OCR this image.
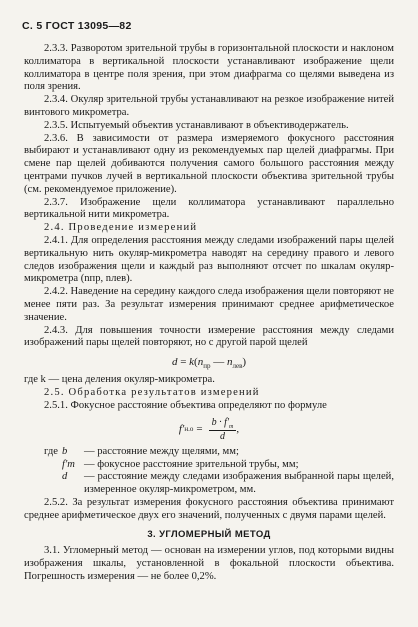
С. 5 ГОСТ 13095—82

2.3.3. Разворотом зрительной трубы в горизонтальной плоскости и наклоном коллиматора в вертикальной плоскости устанавливают изображение щели коллиматора в центре поля зрения, при этом диафрагма со щелями выведена из поля зрения.

2.3.4. Окуляр зрительной трубы устанавливают на резкое изображение нитей винтового микрометра.

2.3.5. Испытуемый объектив устанавливают в объективодержатель.

2.3.6. В зависимости от размера измеряемого фокусного расстояния выбирают и устанавливают одну из рекомендуемых пар щелей диафрагмы. При смене пар щелей добиваются получения самого большого расстояния между центрами пучков лучей в вертикальной плоскости объектива зрительной трубы (см. рекомендуемое приложение).

2.3.7. Изображение щели коллиматора устанавливают параллельно вертикальной нити микрометра.

2.4. Проведение измерений

2.4.1. Для определения расстояния между следами изображений пары щелей вертикальную нить окуляр-микрометра наводят на середину правого и левого следов изображения щели и каждый раз выполняют отсчет по шкалам окуляр-микрометра (nпр, nлев).

2.4.2. Наведение на середину каждого следа изображения щели повторяют не менее пяти раз. За результат измерения принимают среднее арифметическое значение.

2.4.3. Для повышения точности измерение расстояния между следами изображений пары щелей повторяют, но с другой парой щелей

$d = k(n_{пр}$ — $n_{лев}$)

где k — цена деления окуляр-микрометра.

2.5. Обработка результатов измерений

2.5.1. Фокусное расстояние объектива определяют по формуле

f′ $н.о = \frac{b \cdot f'_т}{d}$ ,
где b	— расстояние между щелями, мм;
f′т — фокусное расстояние зрительной трубы, мм;
d	— расстояние между следами изображения выбранной пары щелей, измеренное окуляр-микрометром, мм.

2.5.2. За результат измерения фокусного расстояния объектива принимают среднее арифметическое двух его значений, полученных с двумя парами щелей.

3. УГЛОМЕРНЫЙ МЕТОД

3.1. Угломерный метод — основан на измерении углов, под которыми видны изображения шкалы, установленной в фокальной плоскости объектива. Погрешность измерения — не более 0,2%.
